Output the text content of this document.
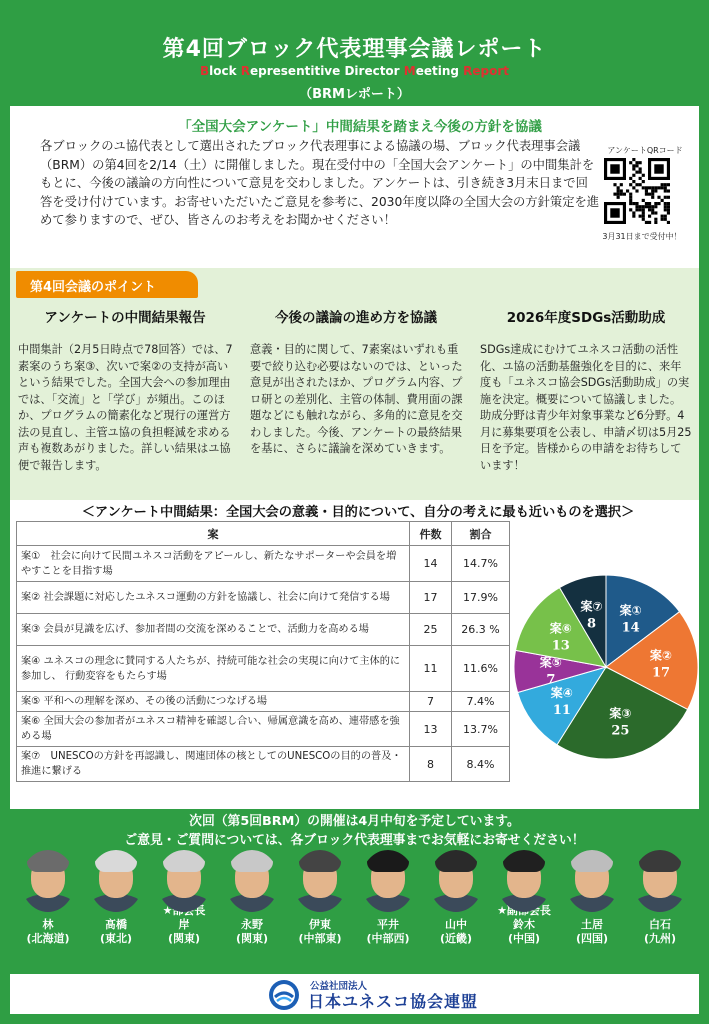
第4回ブロック代表理事会議レポート
Block Representitive Director Meeting Report
（BRMレポート）
「全国大会アンケート」中間結果を踏まえ今後の方針を協議
各ブロックのユ協代表として選出されたブロック代表理事による協議の場、ブロック代表理事会議（BRM）の第4回を2/14（土）に開催しました。現在受付中の「全国大会アンケート」の中間集計をもとに、今後の議論の方向性について意見を交わしました。アンケートは、引き続き3月末日まで回答を受け付けています。お寄せいただいたご意見を参考に、2030年度以降の全国大会の方針策定を進めて参りますので、ぜひ、皆さんのお考えをお聞かせください！
アンケートQRコード
3月31日まで受付中！
第4回会議のポイント
アンケートの中間結果報告
中間集計（2月5日時点で78回答）では、7素案のうち案③、次いで案②の支持が高いという結果でした。全国大会への参加理由では、「交流」と「学び」が頻出。このほか、プログラムの簡素化など現行の運営方法の見直し、主管ユ協の負担軽減を求める声も複数あがりました。詳しい結果はユ協便で報告します。
今後の議論の進め方を協議
意義・目的に関して、7素案はいずれも重要で絞り込む必要はないのでは、といった意見が出されたほか、プログラム内容、プロ研との差別化、主管の体制、費用面の課題などにも触れながら、多角的に意見を交わしました。今後、アンケートの最終結果を基に、さらに議論を深めていきます。
2026年度SDGs活動助成
SDGs達成にむけてユネスコ活動の活性化、ユ協の活動基盤強化を目的に、来年度も「ユネスコ協会SDGs活動助成」の実施を決定。概要について協議しました。助成分野は青少年対象事業など6分野。4月に募集要項を公表し、申請〆切は5月25日を予定。皆様からの申請をお待ちしています！
＜アンケート中間結果：全国大会の意義・目的について、自分の考えに最も近いものを選択＞
案	件数	割合
案①　社会に向けて民間ユネスコ活動をアピールし、新たなサポーターや会員を増やすことを目指す場	14	14.7%
案② 社会課題に対応したユネスコ運動の方針を協議し、社会に向けて発信する場	17	17.9%
案③ 会員が見識を広げ、参加者間の交流を深めることで、活動力を高める場	25	26.3 %
案④ ユネスコの理念に賛同する人たちが、持続可能な社会の実現に向けて主体的に参加し、 行動変容をもたらす場	11	11.6%
案⑤ 平和への理解を深め、その後の活動につなげる場	7	7.4%
案⑥ 全国大会の参加者がユネスコ精神を確認し合い、帰属意識を高め、連帯感を強める場	13	13.7%
案⑦　UNESCOの方針を再認識し、関連団体の核としてのUNESCOの目的の普及・推進に繋げる	8	8.4%
案①
14
案②
17
案③
25
案④
11
案⑤
7
案⑥
13
案⑦
8
次回（第5回BRM）の開催は4月中旬を予定しています。
ご意見・ご質問については、各ブロック代表理事までお気軽にお寄せください！
林
(北海道)
髙橋
(東北)
岸
(関東)
永野
(関東)
伊東
(中部東)
平井
(中部西)
山中
(近畿)
鈴木
(中国)
土居
(四国)
白石
(九州)
公益社団法人
日本ユネスコ協会連盟
